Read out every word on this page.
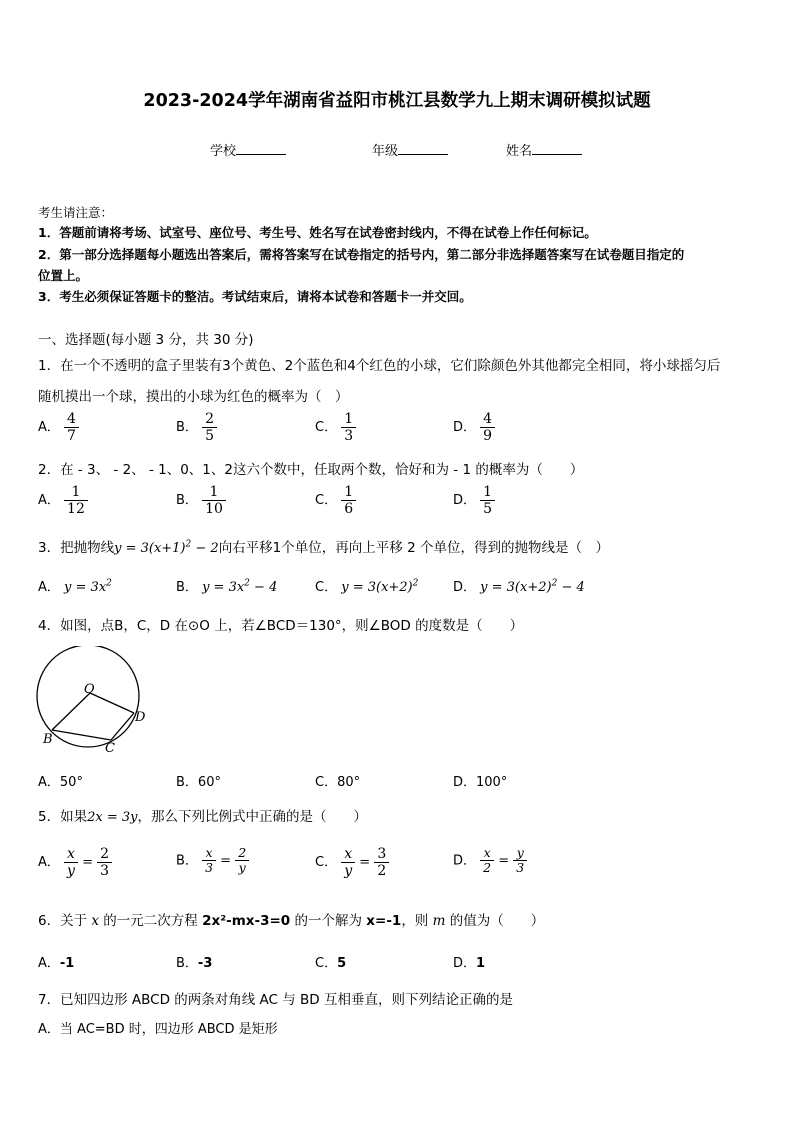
2023-2024学年湖南省益阳市桃江县数学九上期末调研模拟试题
学校	年级	姓名
考生请注意：
1．答题前请将考场、试室号、座位号、考生号、姓名写在试卷密封线内，不得在试卷上作任何标记。
2．第一部分选择题每小题选出答案后，需将答案写在试卷指定的括号内，第二部分非选择题答案写在试卷题目指定的
位置上。
3．考生必须保证答题卡的整洁。考试结束后，请将本试卷和答题卡一并交回。
一、选择题(每小题 3 分，共 30 分)
1．在一个不透明的盒子里装有3个黄色、2个蓝色和4个红色的小球，它们除颜色外其他都完全相同，将小球摇匀后
随机摸出一个球，摸出的小球为红色的概率为（　）
A． $\frac{4}{7}$	B． $\frac{2}{5}$	C． $\frac{1}{3}$	D． $\frac{4}{9}$
2．在 - 3、 - 2、 - 1、0、1、2这六个数中，任取两个数，恰好和为 - 1 的概率为（　　）
A． $\frac{1}{12}$	B． $\frac{1}{10}$	C． $\frac{1}{6}$	D． $\frac{1}{5}$
3．把抛物线$y = 3(x+1)^2 - 2$向右平移1个单位，再向上平移 2 个单位，得到的抛物线是（　）
A． $y = 3x^2$	B． $y = 3x^2 - 4$	C． $y = 3(x+2)^2$	D． $y = 3(x+2)^2 - 4$
4．如图，点B，C，D 在⊙O 上，若∠BCD＝130°，则∠BOD 的度数是（　　）
O
B
C
D
A．50°	B．60°	C．80°	D．100°
5．如果2x = 3y，那么下列比例式中正确的是（　　）
A． $\frac{x}{y} = \frac{2}{3}$	B． $\frac{x}{3} = \frac{2}{y}$	C． $\frac{x}{y} = \frac{3}{2}$	D． $\frac{x}{2} = \frac{y}{3}$
6．关于 x 的一元二次方程 2x²-mx-3=0 的一个解为 x=-1，则 m 的值为（　　）
A．-1	B．-3	C．5	D．1
7．已知四边形 ABCD 的两条对角线 AC 与 BD 互相垂直，则下列结论正确的是
A．当 AC=BD 时，四边形 ABCD 是矩形
